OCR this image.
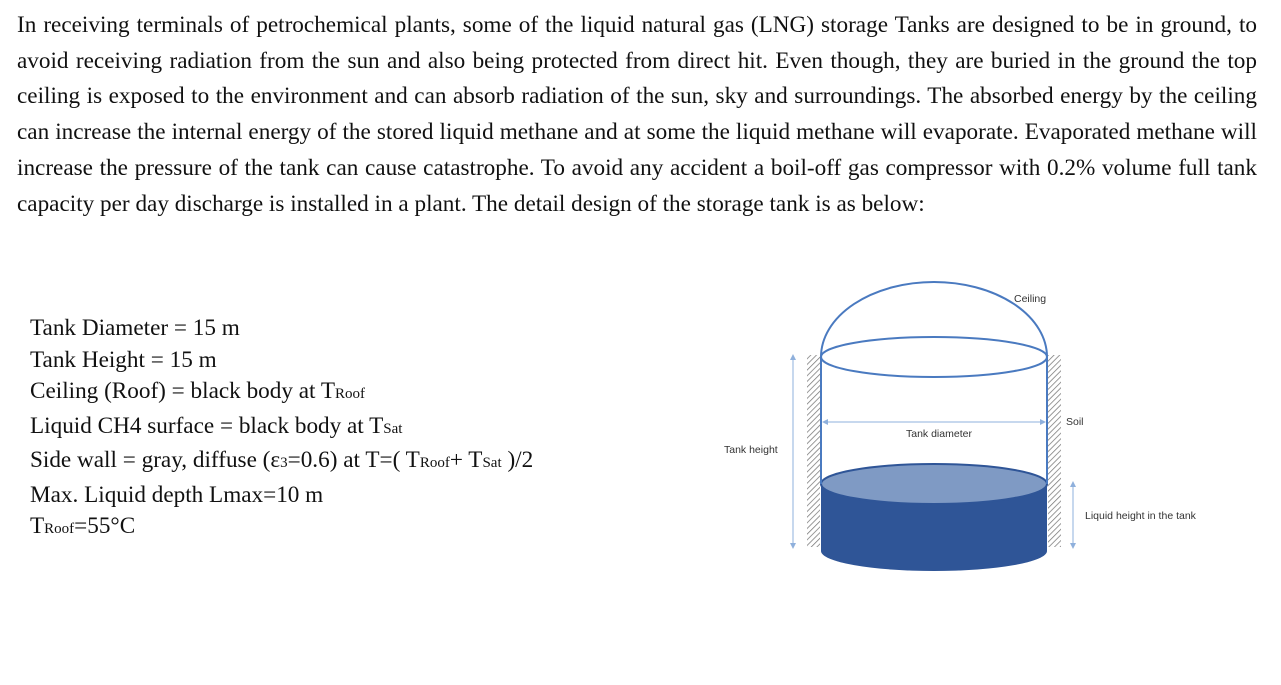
In receiving terminals of petrochemical plants, some of the liquid natural gas (LNG) storage Tanks are designed to be in ground, to avoid receiving radiation from the sun and also being protected from direct hit. Even though, they are buried in the ground the top ceiling is exposed to the environment and can absorb radiation of the sun, sky and surroundings. The absorbed energy by the ceiling can increase the internal energy of the stored liquid methane and at some the liquid methane will evaporate. Evaporated methane will increase the pressure of the tank can cause catastrophe. To avoid any accident a boil-off gas compressor with 0.2% volume full tank capacity per day discharge is installed in a plant. The detail design of the storage tank is as below:

Tank Diameter = 15 m
Tank Height = 15 m
Ceiling (Roof) = black body at TRoof
Liquid CH4 surface = black body at TSat
Side wall = gray, diffuse (ε3=0.6) at T=( TRoof+ TSat )/2
Max. Liquid depth Lmax=10 m
TRoof=55°C
Ceiling
Soil
Tank diameter
Tank height
Liquid height in the tank
